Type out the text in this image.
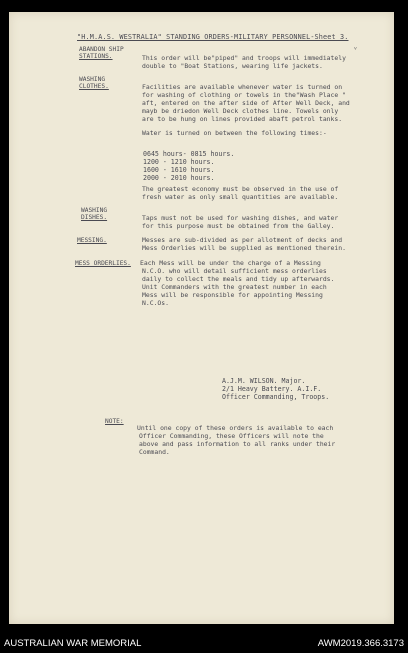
ᵛ
"H.M.A.S. WESTRALIA" STANDING ORDERS-MILITARY PERSONNEL-Sheet 3.
ABANDON SHIP
STATIONS.	This order will be"piped" and troops will immediately
double to "Boat Stations, wearing life jackets.
WASHING
CLOTHES.	Facilities are available whenever water is turned on
for washing of clothing or towels in the"Wash Place "
aft, entered on the after side of After Well Deck, and
mayb be driedon Well Deck clothes line. Towels only
are to be hung on lines provided abaft petrol tanks.
Water is turned on between the following times:-
0645 hours- 0815 hours.
1200 - 1210 hours.
1600 - 1610 hours.
2000 - 2010 hours.
The greatest economy must be observed in the use of
fresh water as only small quantities are available.
WASHING
DISHES.	Taps must not be used for washing dishes, and water
for this purpose must be obtained from the Galley.
MESSING.	Messes are sub-divided as per allotment of decks and
Mess Orderlies will be supplied as mentioned therein.
MESS ORDERLIES. Each Mess will be under the charge of a Messing
N.C.O. who will detail sufficient mess orderlies
daily to collect the meals and tidy up afterwards.
Unit Commanders with the greatest number in each
Mess will be responsible for appointing Messing
N.C.Os.
A.J.M. WILSON. Major.
2/1 Heavy Battery. A.I.F.
Officer Commanding, Troops.
NOTE:
Until one copy of these orders is available to each
Officer Commanding, these Officers will note the
above and pass information to all ranks under their
Command.
AUSTRALIAN WAR MEMORIAL	AWM2019.366.3173
